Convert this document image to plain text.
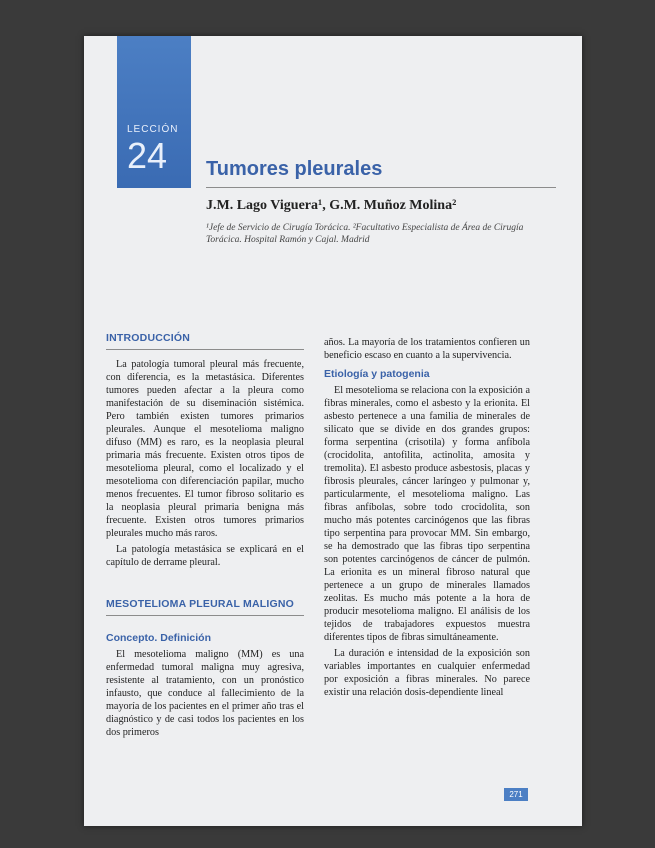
LECCIÓN
24 Tumores pleurales
J.M. Lago Viguera¹, G.M. Muñoz Molina²
¹Jefe de Servicio de Cirugía Torácica. ²Facultativo Especialista de Área de Cirugía Torácica. Hospital Ramón y Cajal. Madrid
INTRODUCCIÓN

La patología tumoral pleural más frecuente, con diferencia, es la metastásica. Diferentes tumores pueden afectar a la pleura como manifestación de su diseminación sistémica. Pero también existen tumores primarios pleurales. Aunque el mesotelioma maligno difuso (MM) es raro, es la neoplasia pleural primaria más frecuente. Existen otros tipos de mesotelioma pleural, como el localizado y el mesotelioma con diferenciación papilar, mucho menos frecuentes. El tumor fibroso solitario es la neoplasia pleural primaria benigna más frecuente. Existen otros tumores primarios pleurales mucho más raros.

La patología metastásica se explicará en el capítulo de derrame pleural.

MESOTELIOMA PLEURAL MALIGNO
Concepto. Definición

El mesotelioma maligno (MM) es una enfermedad tumoral maligna muy agresiva, resistente al tratamiento, con un pronóstico infausto, que conduce al fallecimiento de la mayoría de los pacientes en el primer año tras el diagnóstico y de casi todos los pacientes en los dos primeros

años. La mayoría de los tratamientos confieren un beneficio escaso en cuanto a la supervivencia.

Etiología y patogenia

El mesotelioma se relaciona con la exposición a fibras minerales, como el asbesto y la erionita. El asbesto pertenece a una familia de minerales de silicato que se divide en dos grandes grupos: forma serpentina (crisotila) y forma anfíbola (crocidolita, antofilita, actinolita, amosita y tremolita). El asbesto produce asbestosis, placas y fibrosis pleurales, cáncer laríngeo y pulmonar y, particularmente, el mesotelioma maligno. Las fibras anfíbolas, sobre todo crocidolita, son mucho más potentes carcinógenos que las fibras tipo serpentina para provocar MM. Sin embargo, se ha demostrado que las fibras tipo serpentina son potentes carcinógenos de cáncer de pulmón. La erionita es un mineral fibroso natural que pertenece a un grupo de minerales llamados zeolitas. Es mucho más potente a la hora de producir mesotelioma maligno. El análisis de los tejidos de trabajadores expuestos muestra diferentes tipos de fibras simultáneamente.

La duración e intensidad de la exposición son variables importantes en cualquier enfermedad por exposición a fibras minerales. No parece existir una relación dosis-dependiente lineal

271
